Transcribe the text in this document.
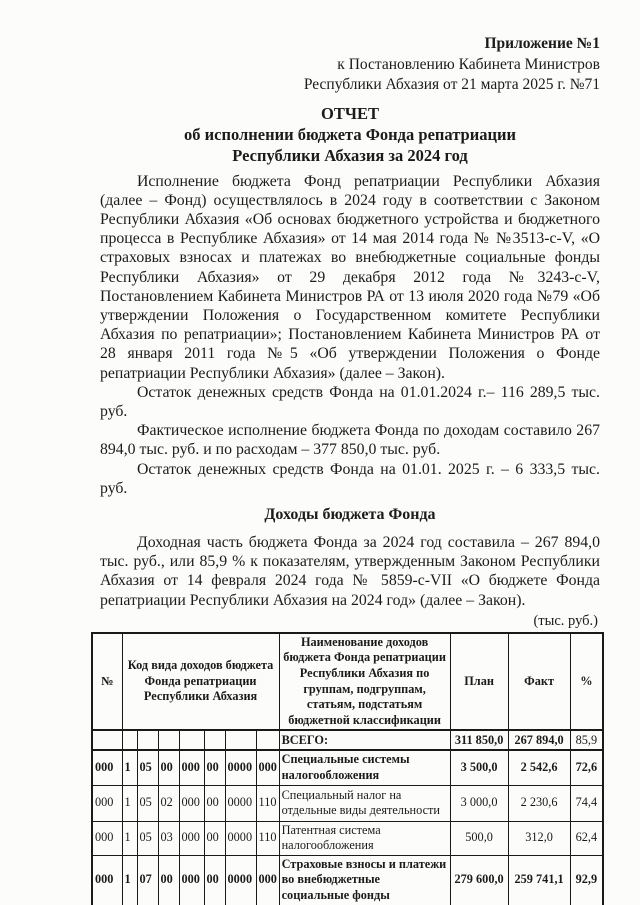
Приложение №1
к Постановлению Кабинета Министров
Республики Абхазия от 21 марта 2025 г. №71
ОТЧЕТ
об исполнении бюджета Фонда репатриации
Республики Абхазия за 2024 год

Исполнение бюджета Фонд репатриации Республики Абхазия (далее – Фонд) осуществлялось в 2024 году в соответствии с Законом Республики Абхазия «Об основах бюджетного устройства и бюджетного процесса в Республике Абхазия» от 14 мая 2014 года № №3513-с-V, «О страховых взносах и платежах во внебюджетные социальные фонды Республики Абхазия» от 29 декабря 2012 года №3243-с-V, Постановлением Кабинета Министров РА от 13 июля 2020 года №79 «Об утверждении Положения о Государственном комитете Республики Абхазия по репатриации»; Постановлением Кабинета Министров РА от 28 января 2011 года №5 «Об утверждении Положения о Фонде репатриации Республики Абхазия» (далее – Закон).

Остаток денежных средств Фонда на 01.01.2024 г.– 116 289,5 тыс. руб.

Фактическое исполнение бюджета Фонда по доходам составило 267 894,0 тыс. руб. и по расходам – 377 850,0 тыс. руб.

Остаток денежных средств Фонда на 01.01. 2025 г. – 6 333,5 тыс. руб.

Доходы бюджета Фонда

Доходная часть бюджета Фонда за 2024 год составила – 267 894,0 тыс. руб., или 85,9 % к показателям, утвержденным Законом Республики Абхазия от 14 февраля 2024 года № 5859-с-VII «О бюджете Фонда репатриации Республики Абхазия на 2024 год» (далее – Закон).

(тыс. руб.)
№	Код вида доходов бюджета Фонда репатриации Республики Абхазия							Наименование доходов бюджета Фонда репатриации Республики Абхазия по группам, подгруппам, статьям, подстатьям бюджетной классификации	План	Факт	%
								ВСЕГО:	311 850,0	267 894,0	85,9
000	1	05	00	000	00	0000	000	Специальные системы налогообложения	3 500,0	2 542,6	72,6
000	1	05	02	000	00	0000	110	Специальный налог на отдельные виды деятельности	3 000,0	2 230,6	74,4
000	1	05	03	000	00	0000	110	Патентная система налогообложения	500,0	312,0	62,4
000	1	07	00	000	00	0000	000	Страховые взносы и платежи во внебюджетные социальные фонды	279 600,0	259 741,1	92,9
